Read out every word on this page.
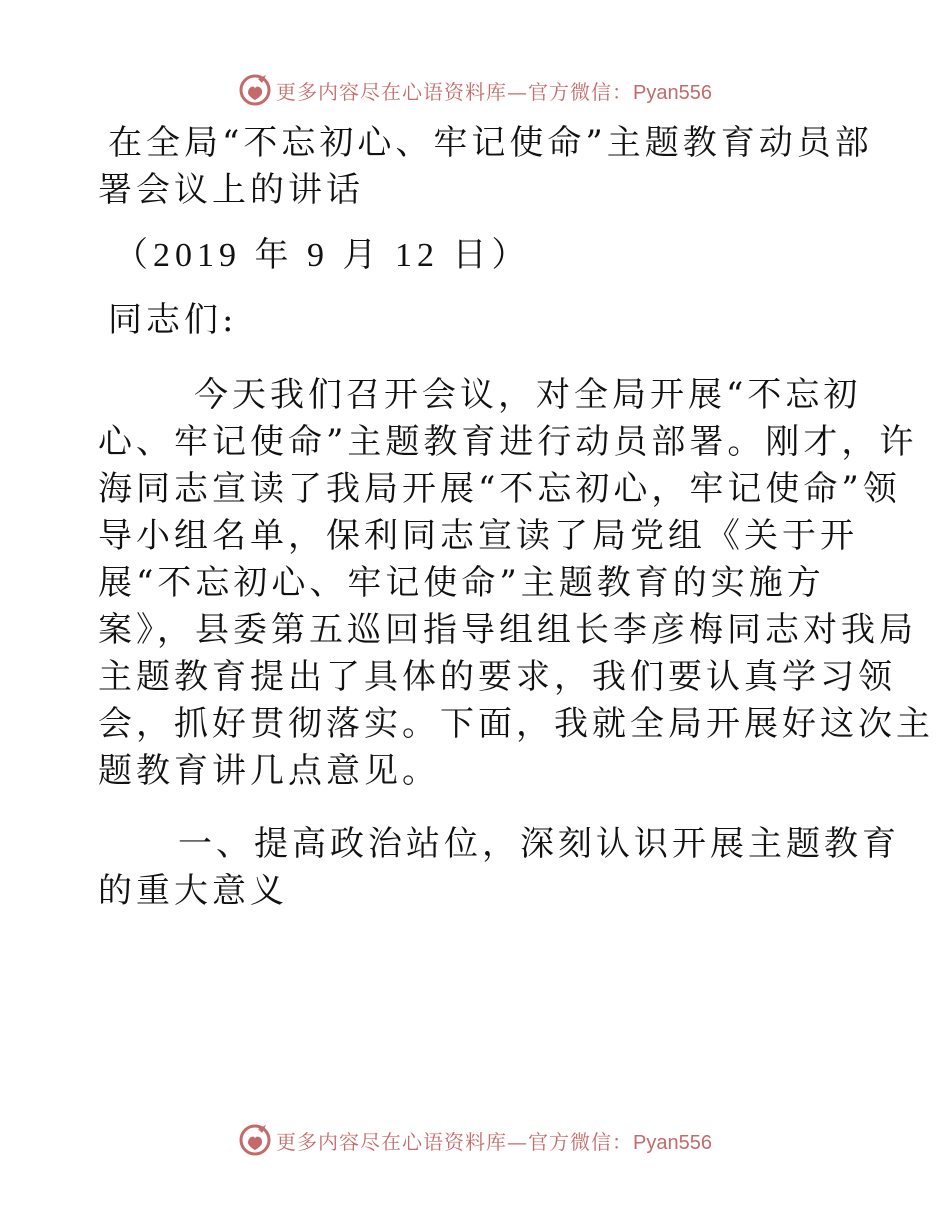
更多内容尽在心语资料库—官方微信：Pyan556
在全局“不忘初心、牢记使命”主题教育动员部
署会议上的讲话
（2019 年 9 月 12 日）
同志们:
今天我们召开会议，对全局开展“不忘初
心、牢记使命”主题教育进行动员部署。刚才，许
海同志宣读了我局开展“不忘初心，牢记使命”领
导小组名单，保利同志宣读了局党组《关于开
展“不忘初心、牢记使命”主题教育的实施方
案》，县委第五巡回指导组组长李彦梅同志对我局
主题教育提出了具体的要求，我们要认真学习领
会，抓好贯彻落实。下面，我就全局开展好这次主
题教育讲几点意见。
一、提高政治站位，深刻认识开展主题教育
的重大意义
更多内容尽在心语资料库—官方微信：Pyan556
